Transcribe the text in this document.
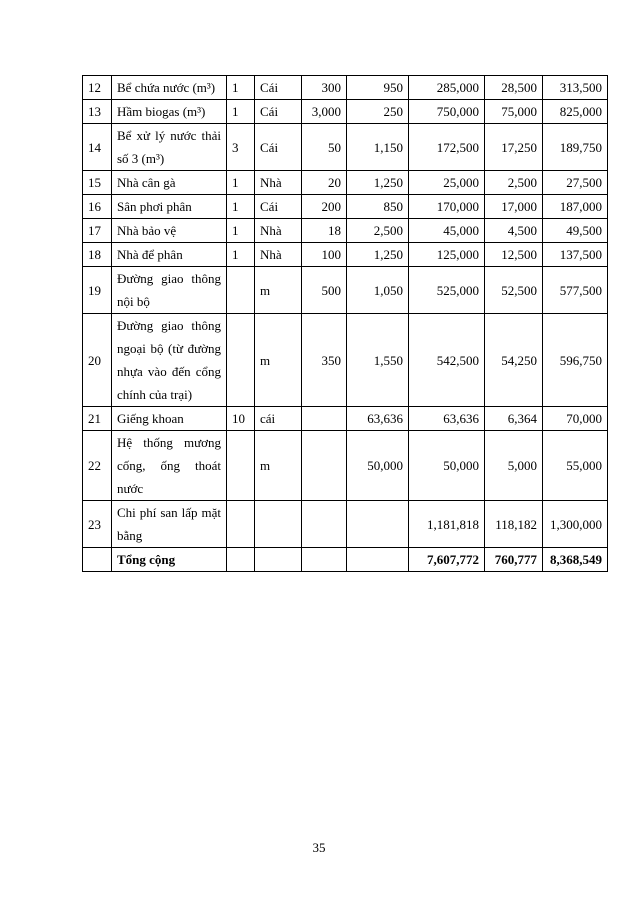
12	Bể chứa nước (m³)	1	Cái	300	950	285,000	28,500	313,500
13	Hầm biogas (m³)	1	Cái	3,000	250	750,000	75,000	825,000
14	Bể xử lý nước thải số 3 (m³)	3	Cái	50	1,150	172,500	17,250	189,750
15	Nhà cân gà	1	Nhà	20	1,250	25,000	2,500	27,500
16	Sân phơi phân	1	Cái	200	850	170,000	17,000	187,000
17	Nhà bảo vệ	1	Nhà	18	2,500	45,000	4,500	49,500
18	Nhà để phân	1	Nhà	100	1,250	125,000	12,500	137,500
19	Đường giao thông nội bộ		m	500	1,050	525,000	52,500	577,500
20	Đường giao thông ngoại bộ (từ đường nhựa vào đến cổng chính của trại)		m	350	1,550	542,500	54,250	596,750
21	Giếng khoan	10	cái		63,636	63,636	6,364	70,000
22	Hệ thống mương cống, ống thoát nước		m		50,000	50,000	5,000	55,000
23	Chi phí san lấp mặt bằng					1,181,818	118,182	1,300,000
	Tổng cộng					7,607,772	760,777	8,368,549
35
